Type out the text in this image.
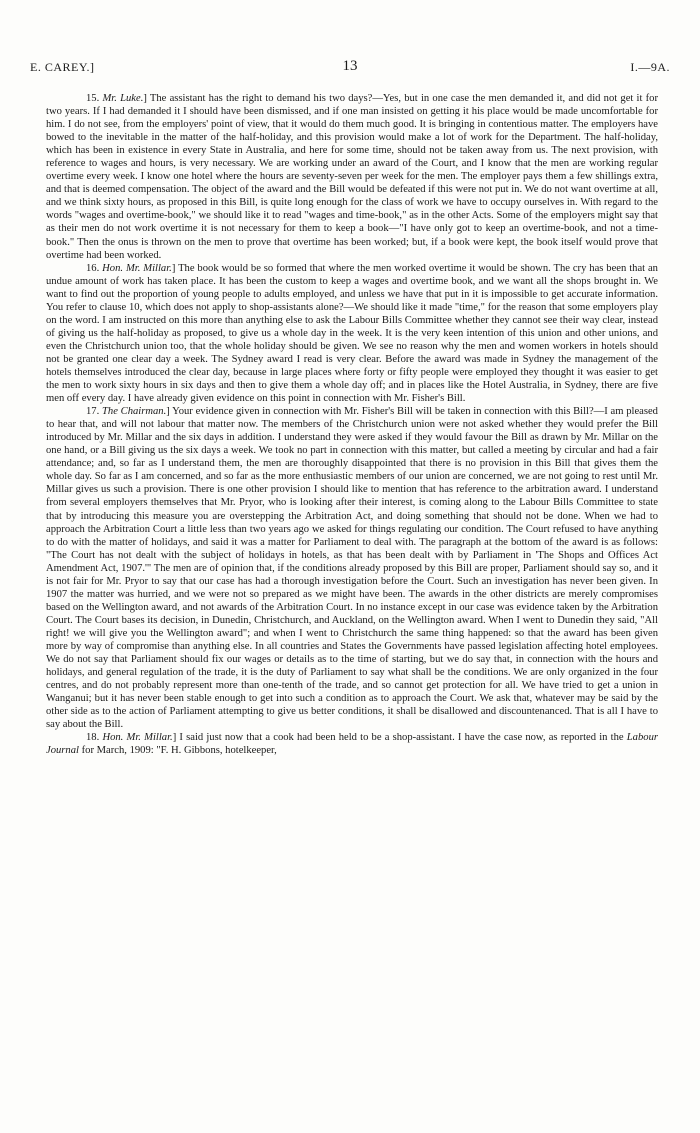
E. CAREY.]	13	I.—9A.

15. Mr. Luke.] The assistant has the right to demand his two days?—Yes, but in one case the men demanded it, and did not get it for two years. If I had demanded it I should have been dismissed, and if one man insisted on getting it his place would be made uncomfortable for him. I do not see, from the employers' point of view, that it would do them much good. It is bringing in contentious matter. The employers have bowed to the inevitable in the matter of the half-holiday, and this provision would make a lot of work for the Department. The half-holiday, which has been in existence in every State in Australia, and here for some time, should not be taken away from us. The next provision, with reference to wages and hours, is very necessary. We are working under an award of the Court, and I know that the men are working regular overtime every week. I know one hotel where the hours are seventy-seven per week for the men. The employer pays them a few shillings extra, and that is deemed compensation. The object of the award and the Bill would be defeated if this were not put in. We do not want overtime at all, and we think sixty hours, as proposed in this Bill, is quite long enough for the class of work we have to occupy ourselves in. With regard to the words "wages and overtime-book," we should like it to read "wages and time-book," as in the other Acts. Some of the employers might say that as their men do not work overtime it is not necessary for them to keep a book—"I have only got to keep an overtime-book, and not a time-book." Then the onus is thrown on the men to prove that overtime has been worked; but, if a book were kept, the book itself would prove that overtime had been worked.

16. Hon. Mr. Millar.] The book would be so formed that where the men worked overtime it would be shown. The cry has been that an undue amount of work has taken place. It has been the custom to keep a wages and overtime book, and we want all the shops brought in. We want to find out the proportion of young people to adults employed, and unless we have that put in it is impossible to get accurate information. You refer to clause 10, which does not apply to shop-assistants alone?—We should like it made "time," for the reason that some employers play on the word. I am instructed on this more than anything else to ask the Labour Bills Committee whether they cannot see their way clear, instead of giving us the half-holiday as proposed, to give us a whole day in the week. It is the very keen intention of this union and other unions, and even the Christchurch union too, that the whole holiday should be given. We see no reason why the men and women workers in hotels should not be granted one clear day a week. The Sydney award I read is very clear. Before the award was made in Sydney the management of the hotels themselves introduced the clear day, because in large places where forty or fifty people were employed they thought it was easier to get the men to work sixty hours in six days and then to give them a whole day off; and in places like the Hotel Australia, in Sydney, there are five men off every day. I have already given evidence on this point in connection with Mr. Fisher's Bill.

17. The Chairman.] Your evidence given in connection with Mr. Fisher's Bill will be taken in connection with this Bill?—I am pleased to hear that, and will not labour that matter now. The members of the Christchurch union were not asked whether they would prefer the Bill introduced by Mr. Millar and the six days in addition. I understand they were asked if they would favour the Bill as drawn by Mr. Millar on the one hand, or a Bill giving us the six days a week. We took no part in connection with this matter, but called a meeting by circular and had a fair attendance; and, so far as I understand them, the men are thoroughly disappointed that there is no provision in this Bill that gives them the whole day. So far as I am concerned, and so far as the more enthusiastic members of our union are concerned, we are not going to rest until Mr. Millar gives us such a provision. There is one other provision I should like to mention that has reference to the arbitration award. I understand from several employers themselves that Mr. Pryor, who is looking after their interest, is coming along to the Labour Bills Committee to state that by introducing this measure you are overstepping the Arbitration Act, and doing something that should not be done. When we had to approach the Arbitration Court a little less than two years ago we asked for things regulating our condition. The Court refused to have anything to do with the matter of holidays, and said it was a matter for Parliament to deal with. The paragraph at the bottom of the award is as follows: "The Court has not dealt with the subject of holidays in hotels, as that has been dealt with by Parliament in 'The Shops and Offices Act Amendment Act, 1907.'" The men are of opinion that, if the conditions already proposed by this Bill are proper, Parliament should say so, and it is not fair for Mr. Pryor to say that our case has had a thorough investigation before the Court. Such an investigation has never been given. In 1907 the matter was hurried, and we were not so prepared as we might have been. The awards in the other districts are merely compromises based on the Wellington award, and not awards of the Arbitration Court. In no instance except in our case was evidence taken by the Arbitration Court. The Court bases its decision, in Dunedin, Christchurch, and Auckland, on the Wellington award. When I went to Dunedin they said, "All right! we will give you the Wellington award"; and when I went to Christchurch the same thing happened: so that the award has been given more by way of compromise than anything else. In all countries and States the Governments have passed legislation affecting hotel employees. We do not say that Parliament should fix our wages or details as to the time of starting, but we do say that, in connection with the hours and holidays, and general regulation of the trade, it is the duty of Parliament to say what shall be the conditions. We are only organized in the four centres, and do not probably represent more than one-tenth of the trade, and so cannot get protection for all. We have tried to get a union in Wanganui; but it has never been stable enough to get into such a condition as to approach the Court. We ask that, whatever may be said by the other side as to the action of Parliament attempting to give us better conditions, it shall be disallowed and discountenanced. That is all I have to say about the Bill.

18. Hon. Mr. Millar.] I said just now that a cook had been held to be a shop-assistant. I have the case now, as reported in the Labour Journal for March, 1909: "F. H. Gibbons, hotelkeeper,
